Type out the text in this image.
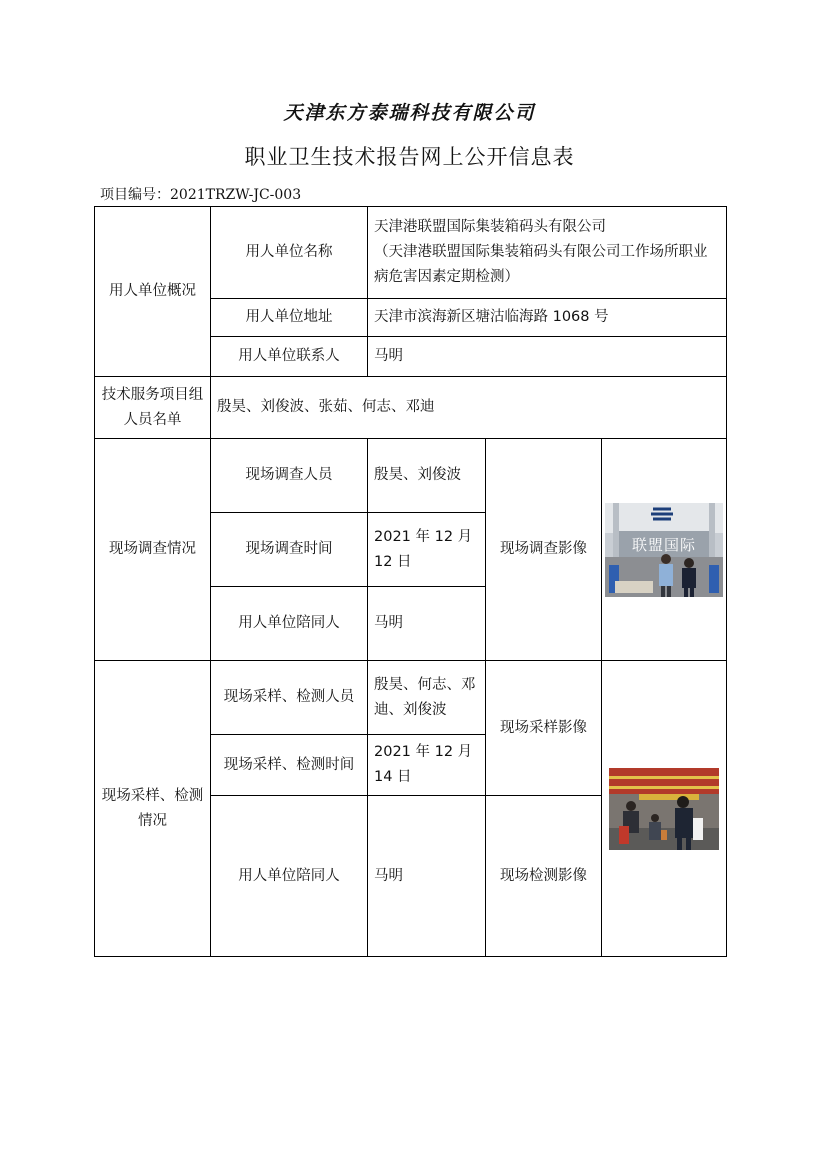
天津东方泰瑞科技有限公司
职业卫生技术报告网上公开信息表
项目编号：2021TRZW-JC-003
用人单位概况	用人单位名称	天津港联盟国际集装箱码头有限公司
（天津港联盟国际集装箱码头有限公司工作场所职业病危害因素定期检测）		

	用人单位地址	天津市滨海新区塘沽临海路 1068 号		
	用人单位联系人	马明		
技术服务项目组人员名单	殷昊、刘俊波、张茹、何志、邓迪			
现场调查情况	现场调查人员	殷昊、刘俊波	现场调查影像	联盟国际

	现场调查时间	2021 年 12 月 12 日		
	用人单位陪同人	马明		
现场采样、检测情况	现场采样、检测人员	殷昊、何志、邓迪、刘俊波	现场采样影像	
	现场采样、检测时间	2021 年 12 月 14 日		
	用人单位陪同人	马明	现场检测影像	
